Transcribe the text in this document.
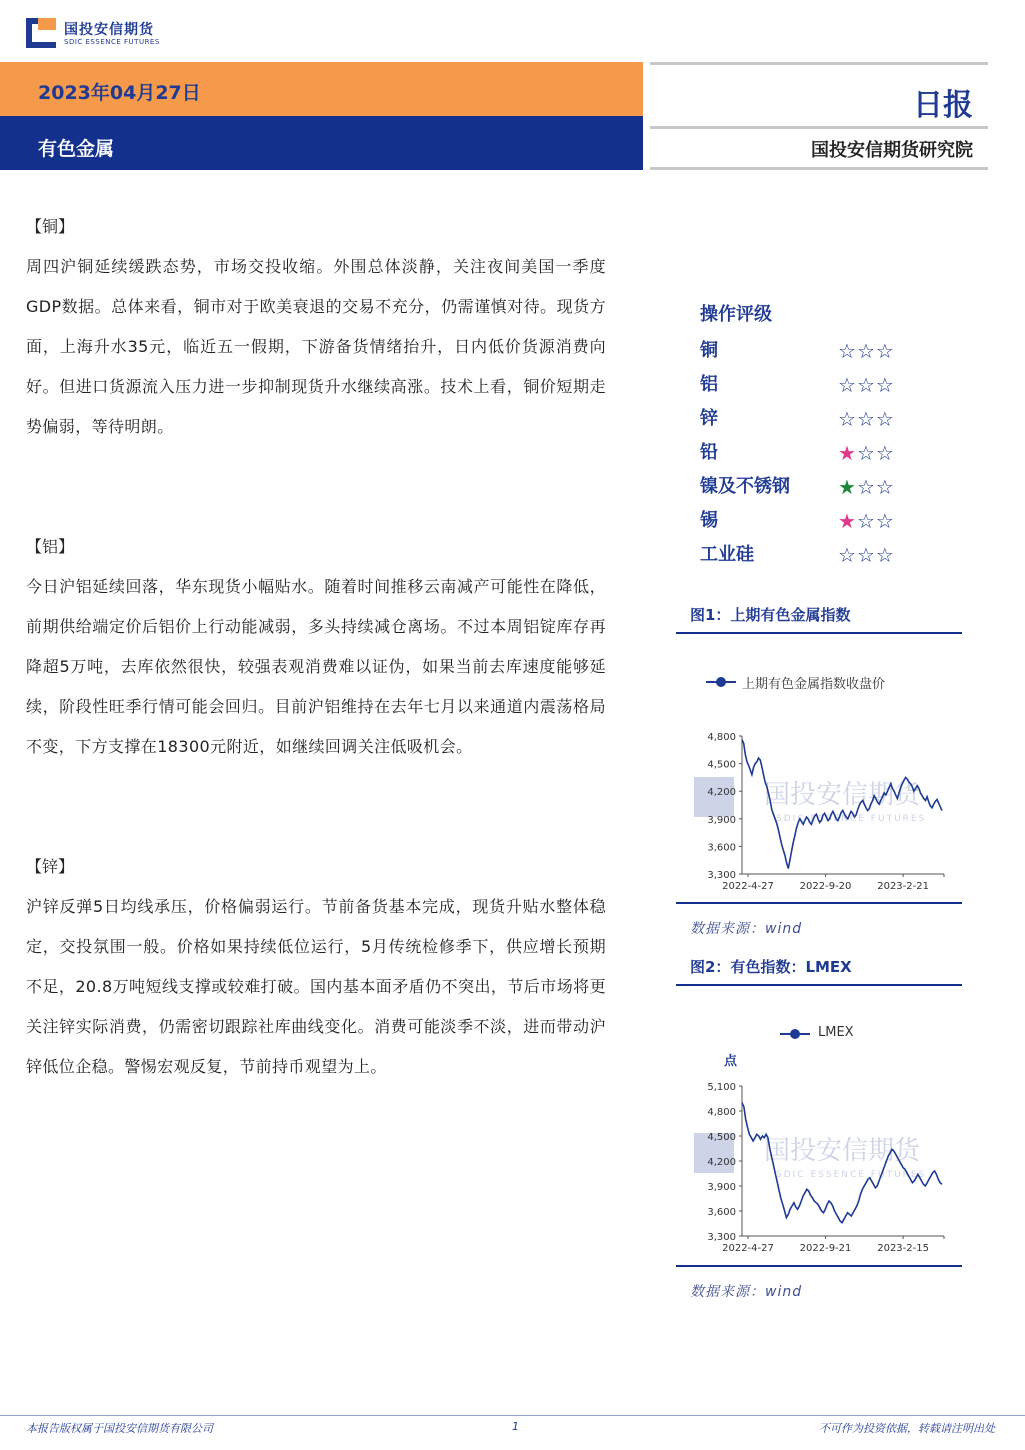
国投安信期货
SDIC ESSENCE FUTURES
2023年04月27日
有色金属
日报
国投安信期货研究院

【铜】

周四沪铜延续缓跌态势，市场交投收缩。外围总体淡静，关注夜间美国一季度GDP数据。总体来看，铜市对于欧美衰退的交易不充分，仍需谨慎对待。现货方面，上海升水35元，临近五一假期，下游备货情绪抬升，日内低价货源消费向好。但进口货源流入压力进一步抑制现货升水继续高涨。技术上看，铜价短期走势偏弱，等待明朗。

【铝】

今日沪铝延续回落，华东现货小幅贴水。随着时间推移云南减产可能性在降低，前期供给端定价后铝价上行动能减弱，多头持续减仓离场。不过本周铝锭库存再降超5万吨，去库依然很快，较强表观消费难以证伪，如果当前去库速度能够延续，阶段性旺季行情可能会回归。目前沪铝维持在去年七月以来通道内震荡格局不变，下方支撑在18300元附近，如继续回调关注低吸机会。

【锌】

沪锌反弹5日均线承压，价格偏弱运行。节前备货基本完成，现货升贴水整体稳定，交投氛围一般。价格如果持续低位运行，5月传统检修季下，供应增长预期不足，20.8万吨短线支撑或较难打破。国内基本面矛盾仍不突出，节后市场将更关注锌实际消费，仍需密切跟踪社库曲线变化。消费可能淡季不淡，进而带动沪锌低位企稳。警惕宏观反复，节前持币观望为上。

操作评级
铜	☆☆☆
铝	☆☆☆
锌	☆☆☆
铅	★☆☆
镍及不锈钢 ★☆☆
锡	★☆☆
工业硅	☆☆☆
图1：上期有色金属指数
上期有色金属指数收盘价
国投安信期货
SDIC ESSENCE FUTURES
4,800
4,500
4,200
3,900
3,600
3,300
2022-4-27	2022-9-20	2023-2-21
数据来源：wind
图2：有色指数：LMEX
LMEX
点
国投安信期货
SDIC ESSENCE FUTURES
5,100
4,800
4,500
4,200
3,900
3,600
3,300
2022-4-27	2022-9-21	2023-2-15
数据来源：wind
本报告版权属于国投安信期货有限公司	1	不可作为投资依据，转载请注明出处
